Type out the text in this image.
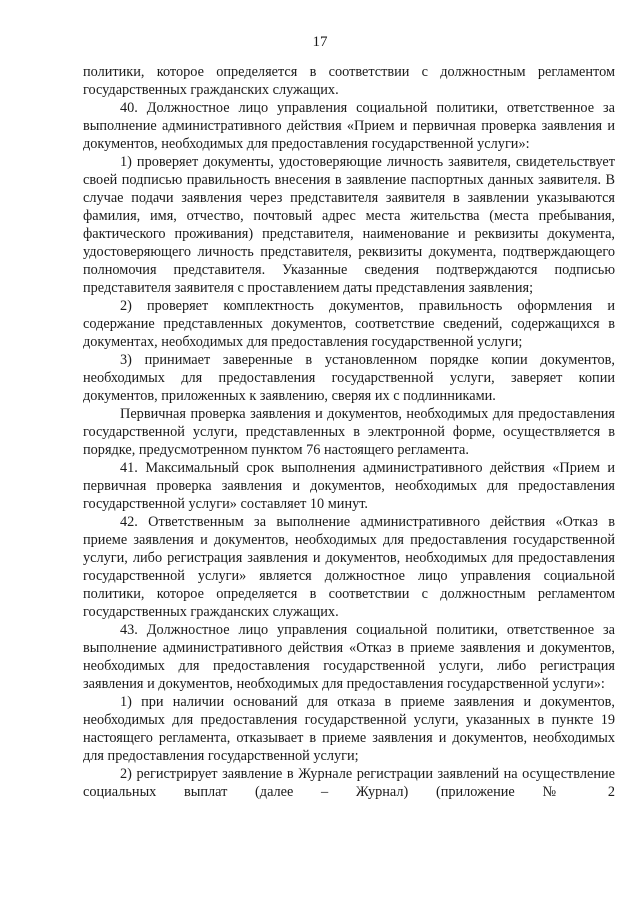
17

политики, которое определяется в соответствии с должностным регламентом государственных гражданских служащих.

40. Должностное лицо управления социальной политики, ответственное за выполнение административного действия «Прием и первичная проверка заявления и документов, необходимых для предоставления государственной услуги»:

1) проверяет документы, удостоверяющие личность заявителя, свидетельствует своей подписью правильность внесения в заявление паспортных данных заявителя. В случае подачи заявления через представителя заявителя в заявлении указываются фамилия, имя, отчество, почтовый адрес места жительства (места пребывания, фактического проживания) представителя, наименование и реквизиты документа, удостоверяющего личность представителя, реквизиты документа, подтверждающего полномочия представителя. Указанные сведения подтверждаются подписью представителя заявителя с проставлением даты представления заявления;

2) проверяет комплектность документов, правильность оформления и содержание представленных документов, соответствие сведений, содержащихся в документах, необходимых для предоставления государственной услуги;

3) принимает заверенные в установленном порядке копии документов, необходимых для предоставления государственной услуги, заверяет копии документов, приложенных к заявлению, сверяя их с подлинниками.

Первичная проверка заявления и документов, необходимых для предоставления государственной услуги, представленных в электронной форме, осуществляется в порядке, предусмотренном пунктом 76 настоящего регламента.

41. Максимальный срок выполнения административного действия «Прием и первичная проверка заявления и документов, необходимых для предоставления государственной услуги» составляет 10 минут.

42. Ответственным за выполнение административного действия «Отказ в приеме заявления и документов, необходимых для предоставления государственной услуги, либо регистрация заявления и документов, необходимых для предоставления государственной услуги» является должностное лицо управления социальной политики, которое определяется в соответствии с должностным регламентом государственных гражданских служащих.

43. Должностное лицо управления социальной политики, ответственное за выполнение административного действия «Отказ в приеме заявления и документов, необходимых для предоставления государственной услуги, либо регистрация заявления и документов, необходимых для предоставления государственной услуги»:

1) при наличии оснований для отказа в приеме заявления и документов, необходимых для предоставления государственной услуги, указанных в пункте 19 настоящего регламента, отказывает в приеме заявления и документов, необходимых для предоставления государственной услуги;

2) регистрирует заявление в Журнале регистрации заявлений на осуществление социальных выплат (далее – Журнал) (приложение № 2
